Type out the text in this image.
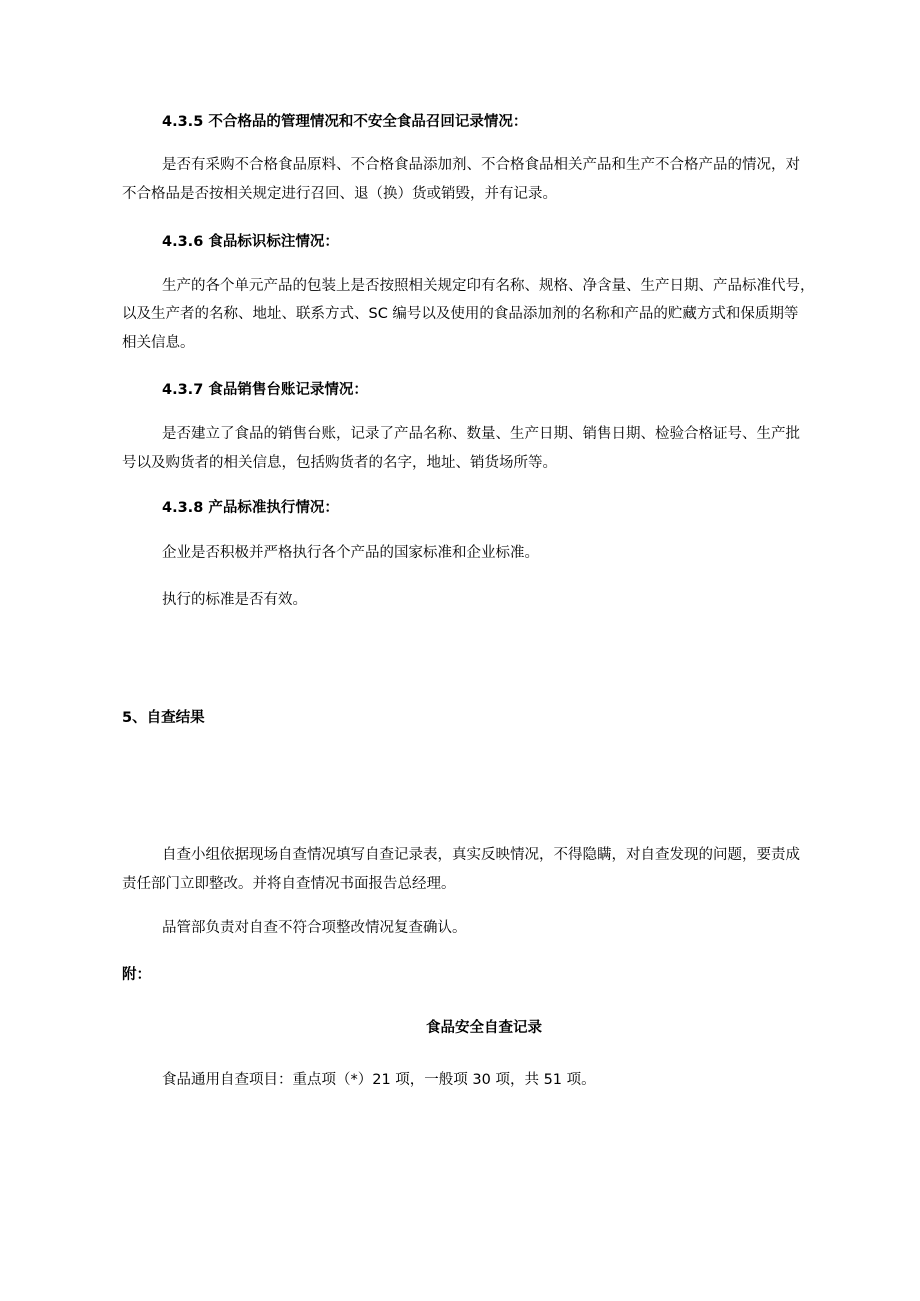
4.3.5 不合格品的管理情况和不安全食品召回记录情况：
是否有采购不合格食品原料、不合格食品添加剂、不合格食品相关产品和生产不合格产品的情况，对
不合格品是否按相关规定进行召回、退（换）货或销毁，并有记录。
4.3.6 食品标识标注情况：
生产的各个单元产品的包装上是否按照相关规定印有名称、规格、净含量、生产日期、产品标准代号，
以及生产者的名称、地址、联系方式、SC 编号以及使用的食品添加剂的名称和产品的贮藏方式和保质期等
相关信息。
4.3.7 食品销售台账记录情况：
是否建立了食品的销售台账，记录了产品名称、数量、生产日期、销售日期、检验合格证号、生产批
号以及购货者的相关信息，包括购货者的名字，地址、销货场所等。
4.3.8 产品标准执行情况：
企业是否积极并严格执行各个产品的国家标准和企业标准。
执行的标准是否有效。
5、自查结果
自查小组依据现场自查情况填写自查记录表，真实反映情况，不得隐瞒，对自查发现的问题，要责成
责任部门立即整改。并将自查情况书面报告总经理。
品管部负责对自查不符合项整改情况复查确认。
附：
食品安全自查记录
食品通用自查项目：重点项（*）21 项，一般项 30 项，共 51 项。
